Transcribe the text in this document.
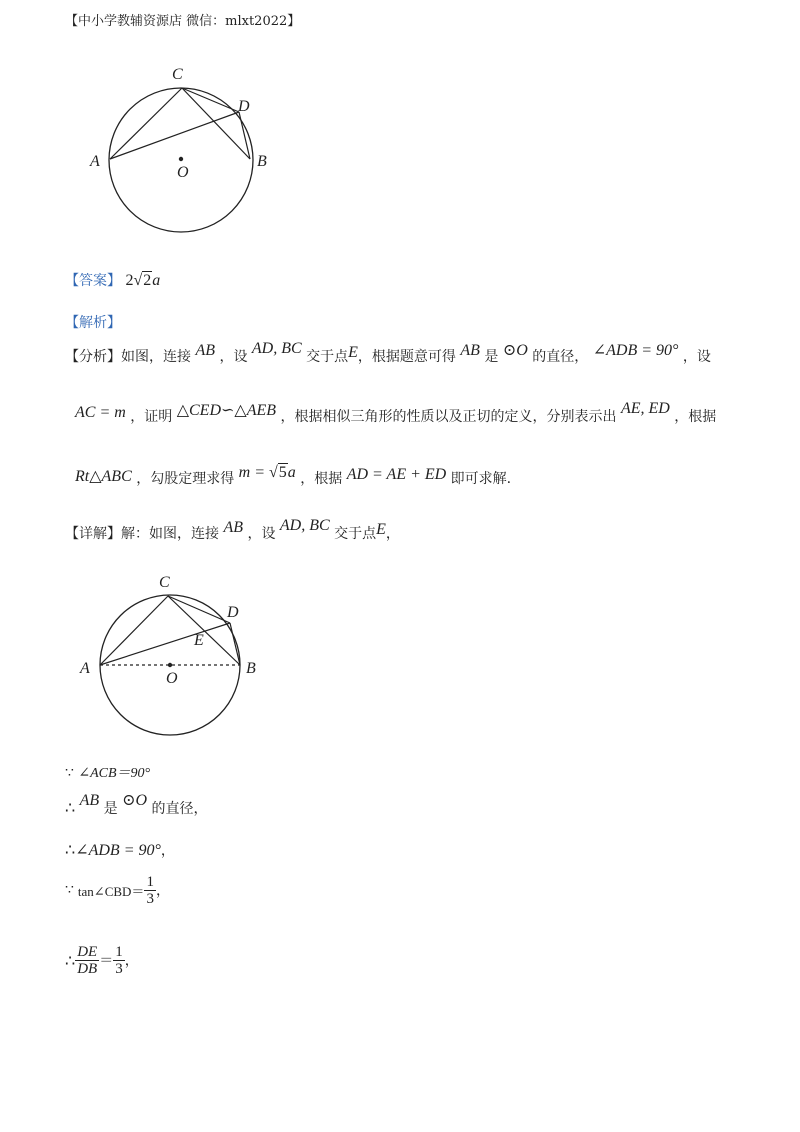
【中小学教辅资源店 微信：mlxt2022】
A	B
C
D
O
【答案】 2√2a
【解析】
【分析】如图，连接 AB ，设 AD, BC 交于点E，根据题意可得 AB 是 ⊙O 的直径， ∠ADB = 90° ，设
AC = m ，证明 △CED∽△AEB ，根据相似三角形的性质以及正切的定义，分别表示出 AE, ED ，根据
Rt△ABC ，勾股定理求得 m = √5a ，根据 AD = AE + ED 即可求解.
【详解】解：如图，连接 AB ，设 AD, BC 交于点E，
A	B
C
D
E
O
∵ ∠ACB＝90°
∴ AB 是 ⊙O 的直径，
∴∠ADB = 90°，
∵ tan∠CBD＝ $\frac{1}{3}$ ，
∴ $\frac{DE}{DB} = \frac{1}{3}$ ，
